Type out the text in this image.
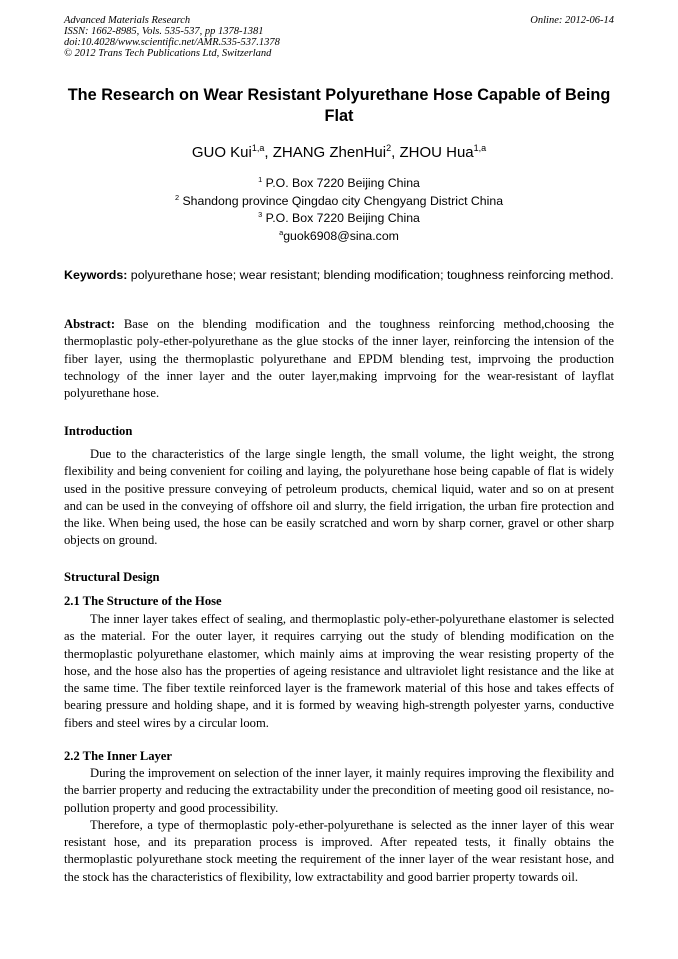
Advanced Materials Research
ISSN: 1662-8985, Vols. 535-537, pp 1378-1381
doi:10.4028/www.scientific.net/AMR.535-537.1378
© 2012 Trans Tech Publications Ltd, Switzerland
Online: 2012-06-14
The Research on Wear Resistant Polyurethane Hose Capable of Being Flat
GUO Kui$^{1,a}$, ZHANG ZhenHui$^2$, ZHOU Hua$^{1,a}$
$^1$ P.O. Box 7220 Beijing China
$^2$ Shandong province Qingdao city Chengyang District China
$^3$ P.O. Box 7220 Beijing China
$^a$guok6908@sina.com
Keywords: polyurethane hose; wear resistant; blending modification; toughness reinforcing method.
Abstract: Base on the blending modification and the toughness reinforcing method,choosing the thermoplastic poly-ether-polyurethane as the glue stocks of the inner layer, reinforcing the intension of the fiber layer, using the thermoplastic polyurethane and EPDM blending test, imprvoing the production technology of the inner layer and the outer layer,making imprvoing for the wear-resistant of layflat polyurethane hose.
Introduction

Due to the characteristics of the large single length, the small volume, the light weight, the strong flexibility and being convenient for coiling and laying, the polyurethane hose being capable of flat is widely used in the positive pressure conveying of petroleum products, chemical liquid, water and so on at present and can be used in the conveying of offshore oil and slurry, the field irrigation, the urban fire protection and the like. When being used, the hose can be easily scratched and worn by sharp corner, gravel or other sharp objects on ground.

Structural Design
2.1 The Structure of the Hose

The inner layer takes effect of sealing, and thermoplastic poly-ether-polyurethane elastomer is selected as the material. For the outer layer, it requires carrying out the study of blending modification on the thermoplastic polyurethane elastomer, which mainly aims at improving the wear resisting property of the hose, and the hose also has the properties of ageing resistance and ultraviolet light resistance and the like at the same time. The fiber textile reinforced layer is the framework material of this hose and takes effects of bearing pressure and holding shape, and it is formed by weaving high-strength polyester yarns, conductive fibers and steel wires by a circular loom.

2.2 The Inner Layer

During the improvement on selection of the inner layer, it mainly requires improving the flexibility and the barrier property and reducing the extractability under the precondition of meeting good oil resistance, no-pollution property and good processibility.

Therefore, a type of thermoplastic poly-ether-polyurethane is selected as the inner layer of this wear resistant hose, and its preparation process is improved. After repeated tests, it finally obtains the thermoplastic polyurethane stock meeting the requirement of the inner layer of the wear resistant hose, and the stock has the characteristics of flexibility, low extractability and good barrier property towards oil.
